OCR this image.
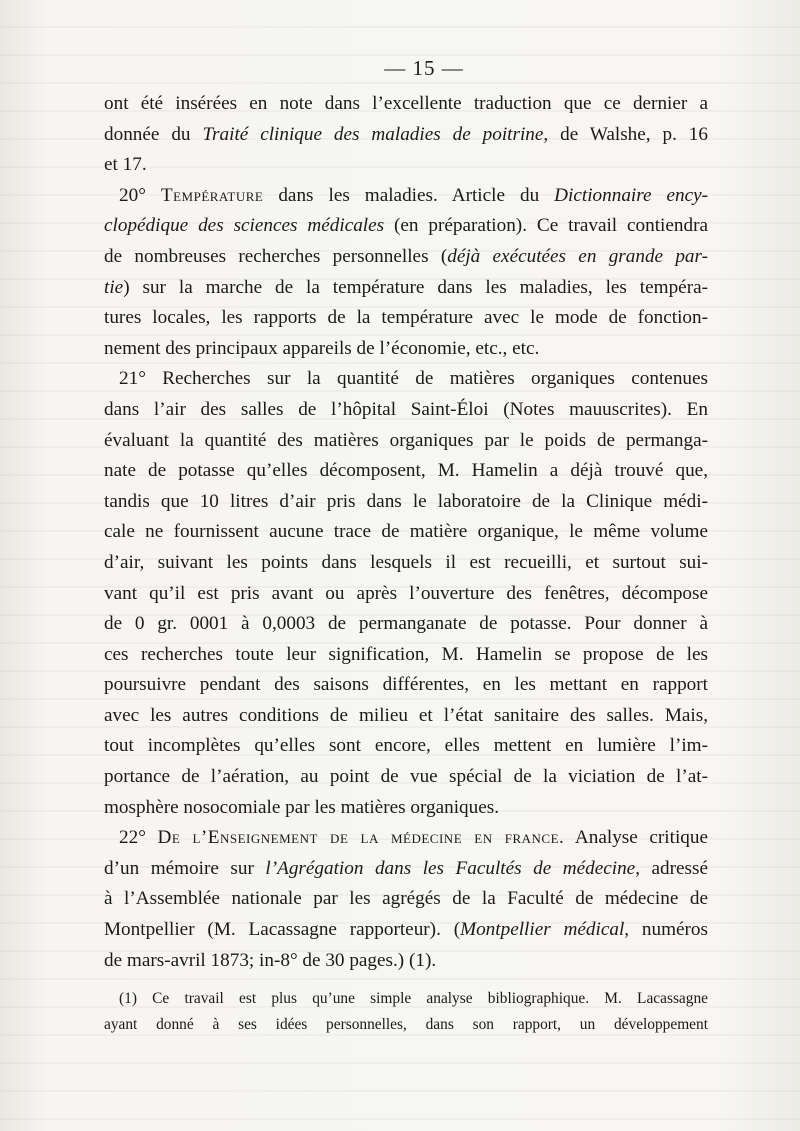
— 15 —
ont été insérées en note dans l’excellente traduction que ce dernier a
donnée du Traité clinique des maladies de poitrine, de Walshe, p. 16
et 17.
20° Température dans les maladies. Article du Dictionnaire ency-
clopédique des sciences médicales (en préparation). Ce travail contiendra
de nombreuses recherches personnelles (déjà exécutées en grande par-
tie) sur la marche de la température dans les maladies, les tempéra-
tures locales, les rapports de la température avec le mode de fonction-
nement des principaux appareils de l’économie, etc., etc.
21° Recherches sur la quantité de matières organiques contenues
dans l’air des salles de l’hôpital Saint-Éloi (Notes mauuscrites). En
évaluant la quantité des matières organiques par le poids de permanga-
nate de potasse qu’elles décomposent, M. Hamelin a déjà trouvé que,
tandis que 10 litres d’air pris dans le laboratoire de la Clinique médi-
cale ne fournissent aucune trace de matière organique, le même volume
d’air, suivant les points dans lesquels il est recueilli, et surtout sui-
vant qu’il est pris avant ou après l’ouverture des fenêtres, décompose
de 0 gr. 0001 à 0,0003 de permanganate de potasse. Pour donner à
ces recherches toute leur signification, M. Hamelin se propose de les
poursuivre pendant des saisons différentes, en les mettant en rapport
avec les autres conditions de milieu et l’état sanitaire des salles. Mais,
tout incomplètes qu’elles sont encore, elles mettent en lumière l’im-
portance de l’aération, au point de vue spécial de la viciation de l’at-
mosphère nosocomiale par les matières organiques.
22° De l’Enseignement de la médecine en france. Analyse critique
d’un mémoire sur l’Agrégation dans les Facultés de médecine, adressé
à l’Assemblée nationale par les agrégés de la Faculté de médecine de
Montpellier (M. Lacassagne rapporteur). (Montpellier médical, numéros
de mars-avril 1873; in-8° de 30 pages.) (1).
(1) Ce travail est plus qu’une simple analyse bibliographique. M. Lacassagne
ayant donné à ses idées personnelles, dans son rapport, un développement
